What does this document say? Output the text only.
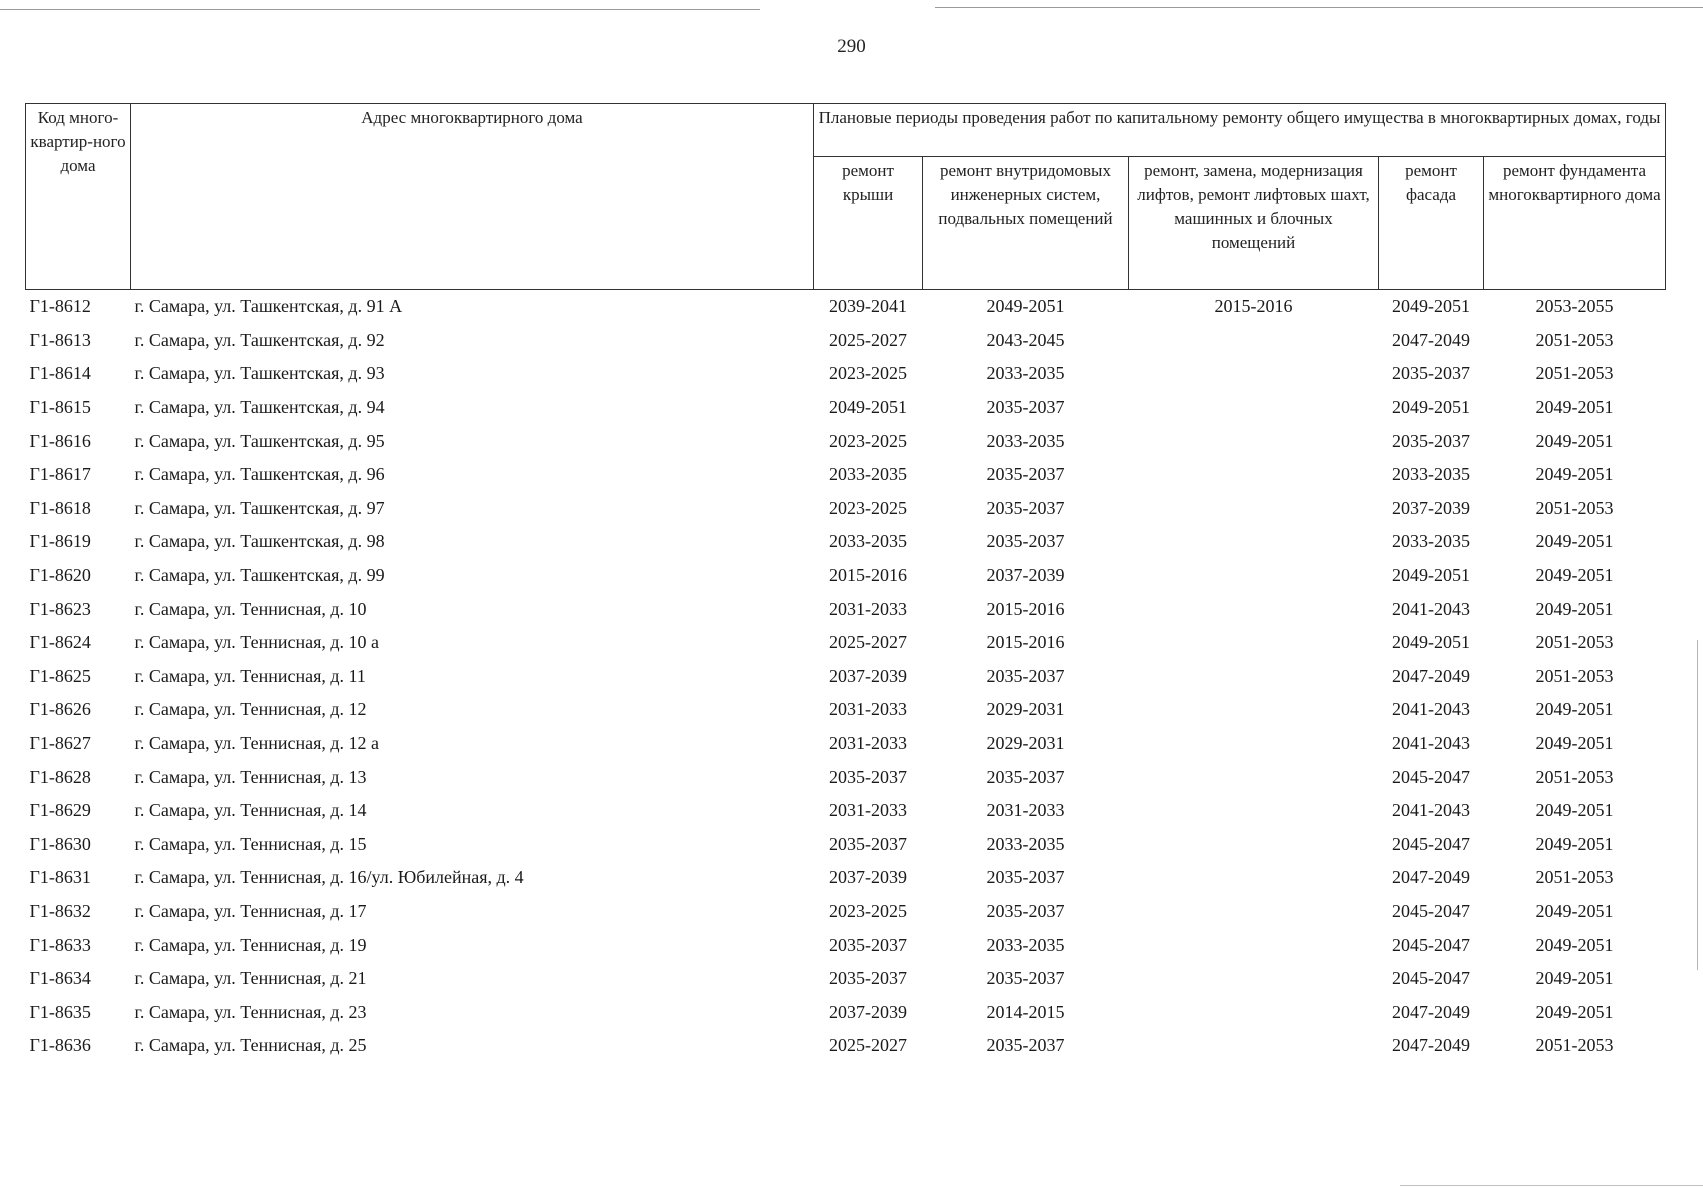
290
Код много-квартир-ного дома	Адрес многоквартирного дома	Плановые периоды проведения работ по капитальному ремонту общего имущества в многоквартирных домах, годы				
		ремонт крыши	ремонт внутридомовых инженерных систем, подвальных помещений	ремонт, замена, модернизация лифтов, ремонт лифтовых шахт, машинных и блочных помещений	ремонт фасада	ремонт фундамента многоквартирного дома
Г1-8612	г. Самара, ул. Ташкентская, д. 91 А	2039-2041	2049-2051	2015-2016	2049-2051	2053-2055
Г1-8613	г. Самара, ул. Ташкентская, д. 92	2025-2027	2043-2045		2047-2049	2051-2053
Г1-8614	г. Самара, ул. Ташкентская, д. 93	2023-2025	2033-2035		2035-2037	2051-2053
Г1-8615	г. Самара, ул. Ташкентская, д. 94	2049-2051	2035-2037		2049-2051	2049-2051
Г1-8616	г. Самара, ул. Ташкентская, д. 95	2023-2025	2033-2035		2035-2037	2049-2051
Г1-8617	г. Самара, ул. Ташкентская, д. 96	2033-2035	2035-2037		2033-2035	2049-2051
Г1-8618	г. Самара, ул. Ташкентская, д. 97	2023-2025	2035-2037		2037-2039	2051-2053
Г1-8619	г. Самара, ул. Ташкентская, д. 98	2033-2035	2035-2037		2033-2035	2049-2051
Г1-8620	г. Самара, ул. Ташкентская, д. 99	2015-2016	2037-2039		2049-2051	2049-2051
Г1-8623	г. Самара, ул. Теннисная, д. 10	2031-2033	2015-2016		2041-2043	2049-2051
Г1-8624	г. Самара, ул. Теннисная, д. 10 а	2025-2027	2015-2016		2049-2051	2051-2053
Г1-8625	г. Самара, ул. Теннисная, д. 11	2037-2039	2035-2037		2047-2049	2051-2053
Г1-8626	г. Самара, ул. Теннисная, д. 12	2031-2033	2029-2031		2041-2043	2049-2051
Г1-8627	г. Самара, ул. Теннисная, д. 12 а	2031-2033	2029-2031		2041-2043	2049-2051
Г1-8628	г. Самара, ул. Теннисная, д. 13	2035-2037	2035-2037		2045-2047	2051-2053
Г1-8629	г. Самара, ул. Теннисная, д. 14	2031-2033	2031-2033		2041-2043	2049-2051
Г1-8630	г. Самара, ул. Теннисная, д. 15	2035-2037	2033-2035		2045-2047	2049-2051
Г1-8631	г. Самара, ул. Теннисная, д. 16/ул. Юбилейная, д. 4	2037-2039	2035-2037		2047-2049	2051-2053
Г1-8632	г. Самара, ул. Теннисная, д. 17	2023-2025	2035-2037		2045-2047	2049-2051
Г1-8633	г. Самара, ул. Теннисная, д. 19	2035-2037	2033-2035		2045-2047	2049-2051
Г1-8634	г. Самара, ул. Теннисная, д. 21	2035-2037	2035-2037		2045-2047	2049-2051
Г1-8635	г. Самара, ул. Теннисная, д. 23	2037-2039	2014-2015		2047-2049	2049-2051
Г1-8636	г. Самара, ул. Теннисная, д. 25	2025-2027	2035-2037		2047-2049	2051-2053
